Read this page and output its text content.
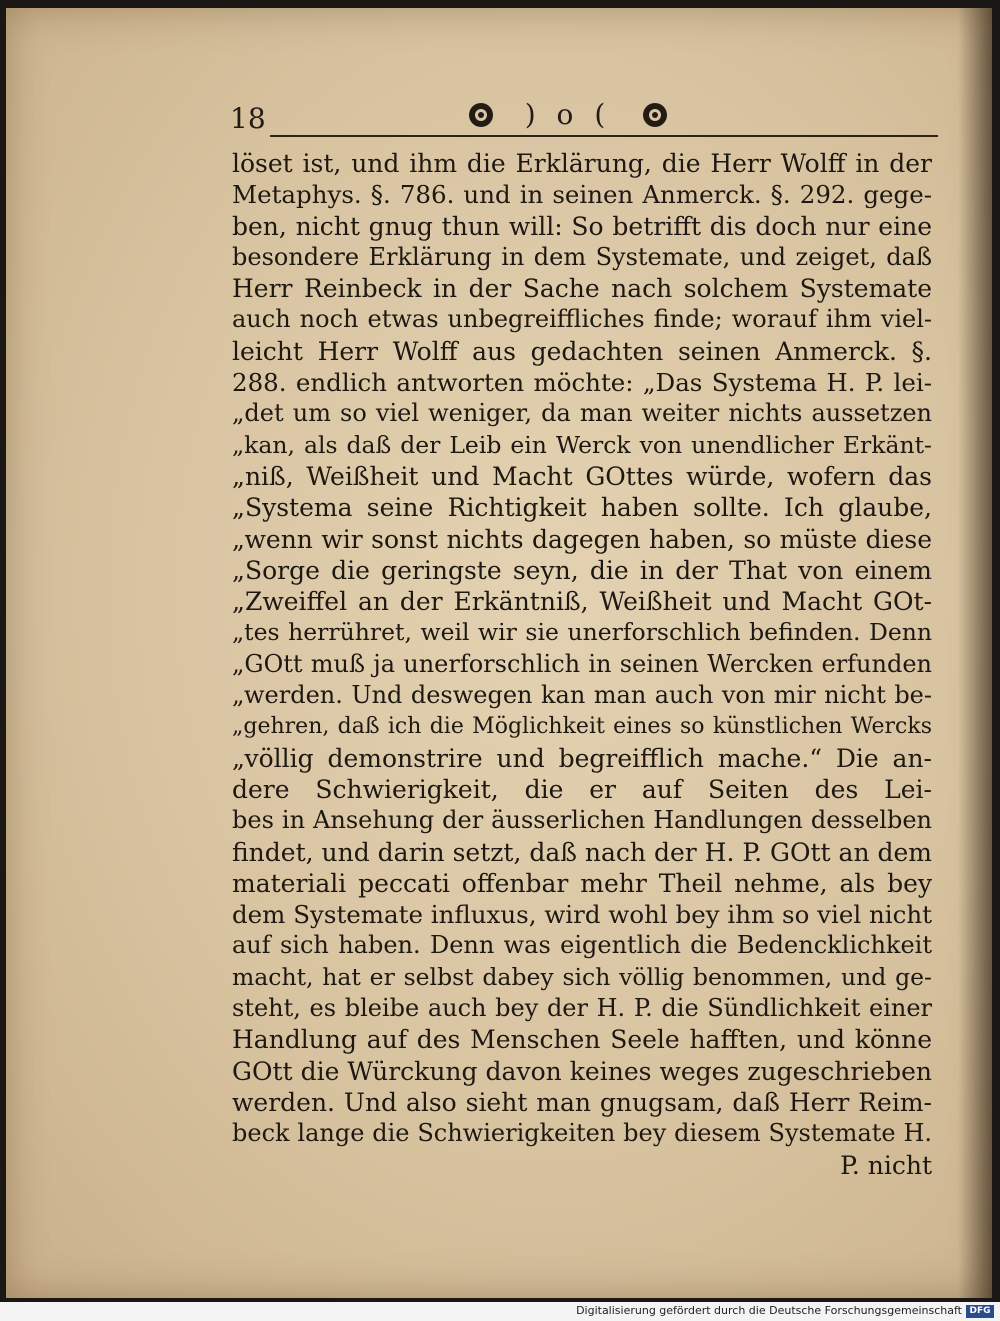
18	) o (
löset ist, und ihm die Erklärung, die Herr Wolff in der
Metaphys. §. 786. und in seinen Anmerck. §. 292. gege-
ben, nicht gnug thun will: So betrifft dis doch nur eine
besondere Erklärung in dem Systemate, und zeiget, daß
Herr Reinbeck in der Sache nach solchem Systemate
auch noch etwas unbegreiffliches finde; worauf ihm viel-
leicht Herr Wolff aus gedachten seinen Anmerck. §.
288. endlich antworten möchte: „Das Systema H. P. lei-
„det um so viel weniger, da man weiter nichts aussetzen
„kan, als daß der Leib ein Werck von unendlicher Erkänt-
„niß, Weißheit und Macht GOttes würde, wofern das
„Systema seine Richtigkeit haben sollte. Ich glaube,
„wenn wir sonst nichts dagegen haben, so müste diese
„Sorge die geringste seyn, die in der That von einem
„Zweiffel an der Erkäntniß, Weißheit und Macht GOt-
„tes herrühret, weil wir sie unerforschlich befinden. Denn
„GOtt muß ja unerforschlich in seinen Wercken erfunden
„werden. Und deswegen kan man auch von mir nicht be-
„gehren, daß ich die Möglichkeit eines so künstlichen Wercks
„völlig demonstrire und begreifflich mache.“ Die an-
dere Schwierigkeit, die er auf Seiten des Lei-
bes in Ansehung der äusserlichen Handlungen desselben
findet, und darin setzt, daß nach der H. P. GOtt an dem
materiali peccati offenbar mehr Theil nehme, als bey
dem Systemate influxus, wird wohl bey ihm so viel nicht
auf sich haben. Denn was eigentlich die Bedencklichkeit
macht, hat er selbst dabey sich völlig benommen, und ge-
steht, es bleibe auch bey der H. P. die Sündlichkeit einer
Handlung auf des Menschen Seele hafften, und könne
GOtt die Würckung davon keines weges zugeschrieben
werden. Und also sieht man gnugsam, daß Herr Reim-
beck lange die Schwierigkeiten bey diesem Systemate H.
P. nicht
Digitalisierung gefördert durch die Deutsche Forschungsgemeinschaft DFG
